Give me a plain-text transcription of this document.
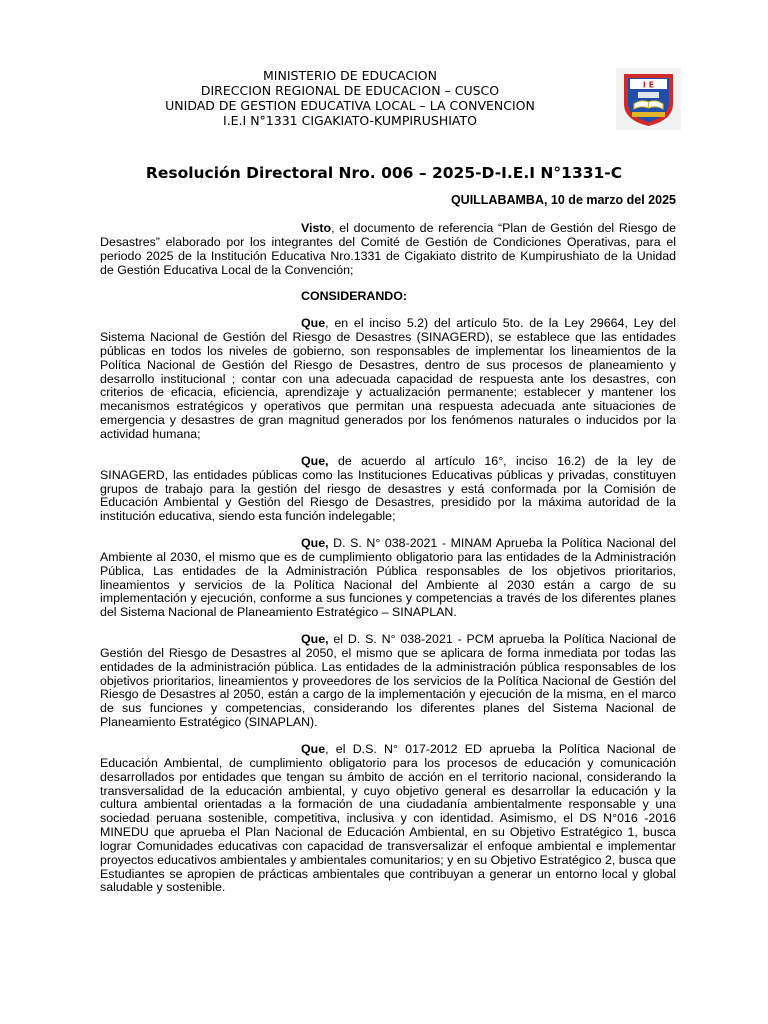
MINISTERIO DE EDUCACION
DIRECCION REGIONAL DE EDUCACION – CUSCO
UNIDAD DE GESTION EDUCATIVA LOCAL – LA CONVENCION
I.E.I N°1331 CIGAKIATO-KUMPIRUSHIATO
I E
Resolución Directoral Nro. 006 – 2025-D-I.E.I N°1331-C
QUILLABAMBA, 10 de marzo del 2025

Visto, el documento de referencia “Plan de Gestión del Riesgo de Desastres” elaborado por los integrantes del Comité de Gestión de Condiciones Operativas, para el periodo 2025 de la Institución Educativa Nro.1331 de Cigakiato distrito de Kumpirushiato de la Unidad de Gestión Educativa Local de la Convención;

CONSIDERANDO:

Que, en el inciso 5.2) del artículo 5to. de la Ley 29664, Ley del Sistema Nacional de Gestión del Riesgo de Desastres (SINAGERD), se establece que las entidades públicas en todos los niveles de gobierno, son responsables de implementar los lineamientos de la Política Nacional de Gestión del Riesgo de Desastres, dentro de sus procesos de planeamiento y desarrollo institucional ; contar con una adecuada capacidad de respuesta ante los desastres, con criterios de eficacia, eficiencia, aprendizaje y actualización permanente; establecer y mantener los mecanismos estratégicos y operativos que permitan una respuesta adecuada ante situaciones de emergencia y desastres de gran magnitud generados por los fenómenos naturales o inducidos por la actividad humana;

Que, de acuerdo al artículo 16°, inciso 16.2) de la ley de SINAGERD, las entidades públicas como las Instituciones Educativas públicas y privadas, constituyen grupos de trabajo para la gestión del riesgo de desastres y está conformada por la Comisión de Educación Ambiental y Gestión del Riesgo de Desastres, presidido por la máxima autoridad de la institución educativa, siendo esta función indelegable;

Que, D. S. N° 038-2021 - MINAM Aprueba la Política Nacional del Ambiente al 2030, el mismo que es de cumplimiento obligatorio para las entidades de la Administración Pública, Las entidades de la Administración Pública responsables de los objetivos prioritarios, lineamientos y servicios de la Política Nacional del Ambiente al 2030 están a cargo de su implementación y ejecución, conforme a sus funciones y competencias a través de los diferentes planes del Sistema Nacional de Planeamiento Estratégico – SINAPLAN.

Que, el D. S. N° 038-2021 - PCM aprueba la Política Nacional de Gestión del Riesgo de Desastres al 2050, el mismo que se aplicara de forma inmediata por todas las entidades de la administración pública. Las entidades de la administración pública responsables de los objetivos prioritarios, lineamientos y proveedores de los servicios de la Política Nacional de Gestión del Riesgo de Desastres al 2050, están a cargo de la implementación y ejecución de la misma, en el marco de sus funciones y competencias, considerando los diferentes planes del Sistema Nacional de Planeamiento Estratégico (SINAPLAN).

Que, el D.S. N° 017-2012 ED aprueba la Política Nacional de Educación Ambiental, de cumplimiento obligatorio para los procesos de educación y comunicación desarrollados por entidades que tengan su ámbito de acción en el territorio nacional, considerando la transversalidad de la educación ambiental, y cuyo objetivo general es desarrollar la educación y la cultura ambiental orientadas a la formación de una ciudadanía ambientalmente responsable y una sociedad peruana sostenible, competitiva, inclusiva y con identidad. Asimismo, el DS N°016 -2016 MINEDU que aprueba el Plan Nacional de Educación Ambiental, en su Objetivo Estratégico 1, busca lograr Comunidades educativas con capacidad de transversalizar el enfoque ambiental e implementar proyectos educativos ambientales y ambientales comunitarios; y en su Objetivo Estratégico 2, busca que Estudiantes se apropien de prácticas ambientales que contribuyan a generar un entorno local y global saludable y sostenible.
